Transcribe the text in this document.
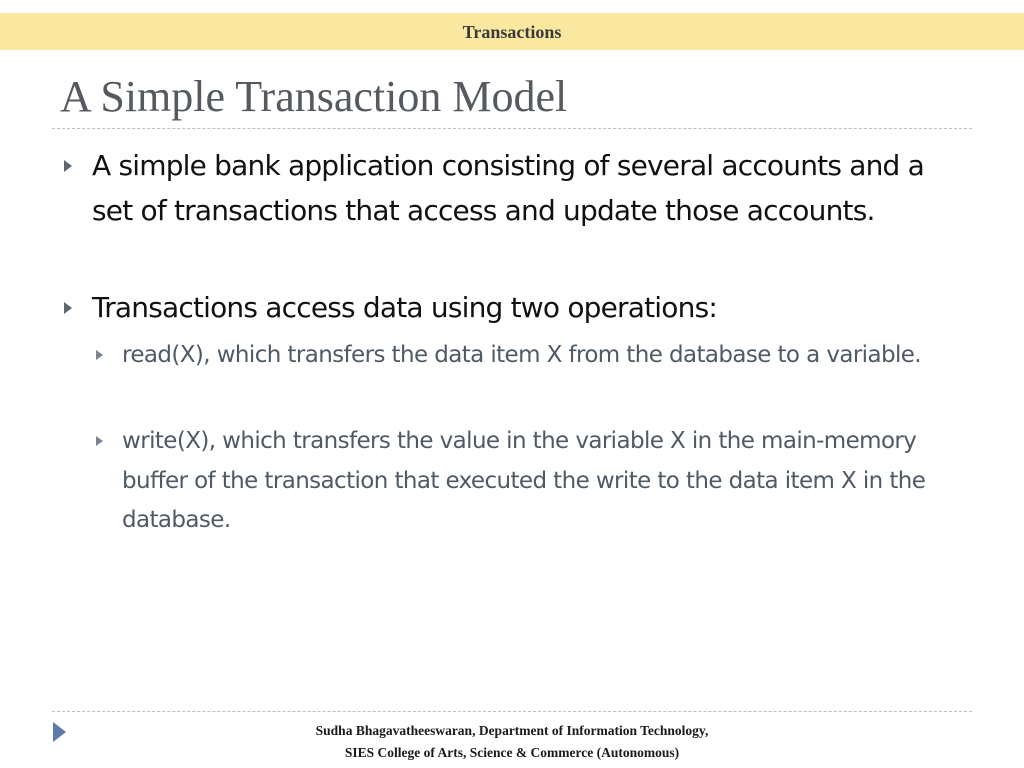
Transactions
A Simple Transaction Model
A simple bank application consisting of several accounts and a set of transactions that access and update those accounts.
Transactions access data using two operations:
read(X), which transfers the data item X from the database to a variable.
write(X), which transfers the value in the variable X in the main-memory buffer of the transaction that executed the write to the data item X in the database.
Sudha Bhagavatheeswaran, Department of Information Technology,
SIES College of Arts, Science & Commerce (Autonomous)
